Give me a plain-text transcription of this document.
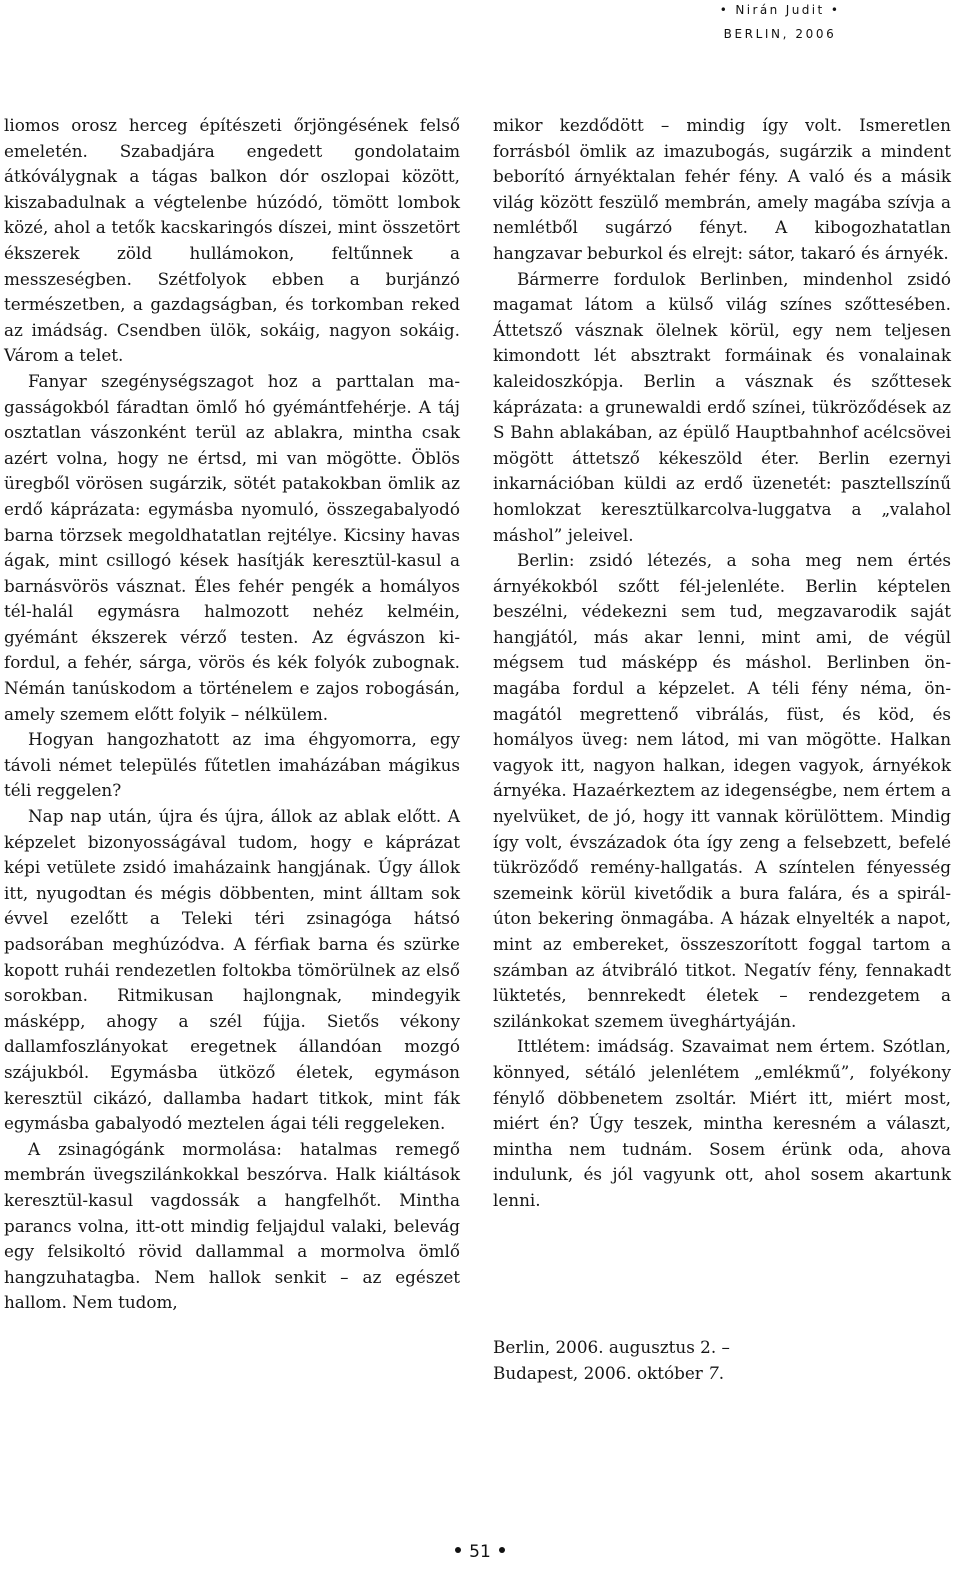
• Nirán Judit •
BERLIN, 2006

liomos orosz herceg építészeti őrjöngésének felső emeletén. Szabadjára engedett gondolataim átkóválygnak a tágas balkon dór oszlopai között, kiszabadulnak a végtelenbe húzódó, tömött lombok közé, ahol a tetők kacskaringós díszei, mint összetört ékszerek zöld hullámokon, feltűnnek a messzeségben. Szétfolyok ebben a burjánzó természetben, a gazdagságban, és torkomban reked az imádság. Csendben ülök, sokáig, nagyon sokáig. Várom a telet.

Fanyar szegénységszagot hoz a parttalan magasságokból fáradtan ömlő hó gyémántfehérje. A táj osztatlan vászonként terül az ablakra, mintha csak azért volna, hogy ne értsd, mi van mögötte. Öblös üregből vörösen sugárzik, sötét patakokban ömlik az erdő káprázata: egymásba nyomuló, összegabalyodó barna törzsek megoldhatatlan rejtélye. Kicsiny havas ágak, mint csillogó kések hasítják keresztül-kasul a barnásvörös vásznat. Éles fehér pengék a homályos tél-halál egymásra halmozott nehéz kelméin, gyémánt ékszerek vérző testen. Az égvászon kifordul, a fehér, sárga, vörös és kék folyók zubognak. Némán tanúskodom a történelem e zajos robogásán, amely szemem előtt folyik – nélkülem.

Hogyan hangozhatott az ima éhgyomorra, egy távoli német település fűtetlen imaházában mágikus téli reggelen?

Nap nap után, újra és újra, állok az ablak előtt. A képzelet bizonyosságával tudom, hogy e káprázat képi vetülete zsidó imaházaink hangjának. Úgy állok itt, nyugodtan és mégis döbbenten, mint álltam sok évvel ezelőtt a Teleki téri zsinagóga hátsó padsorában meghúzódva. A férfiak barna és szürke kopott ruhái rendezetlen foltokba tömörülnek az első sorokban. Ritmikusan hajlongnak, mindegyik másképp, ahogy a szél fújja. Sietős vékony dallamfoszlányokat eregetnek állandóan mozgó szájukból. Egymásba ütköző életek, egymáson keresztül cikázó, dallamba hadart titkok, mint fák egymásba gabalyodó meztelen ágai téli reggeleken.

A zsinagógánk mormolása: hatalmas remegő membrán üvegszilánkokkal beszórva. Halk kiáltások keresztül-kasul vagdossák a hangfelhőt. Mintha parancs volna, itt-ott mindig feljajdul valaki, belevág egy felsikoltó rövid dallammal a mormolva ömlő hangzuhatagba. Nem hallok senkit – az egészet hallom. Nem tudom,

mikor kezdődött – mindig így volt. Ismeretlen forrásból ömlik az imazubogás, sugárzik a mindent beborító árnyéktalan fehér fény. A való és a másik világ között feszülő membrán, amely magába szívja a nemlétből sugárzó fényt. A kibogozhatatlan hangzavar beburkol és elrejt: sátor, takaró és árnyék.

Bármerre fordulok Berlinben, mindenhol zsidó magamat látom a külső világ színes szőttesében. Áttetsző vásznak ölelnek körül, egy nem teljesen kimondott lét absztrakt formáinak és vonalainak kaleidoszkópja. Berlin a vásznak és szőttesek káprázata: a grunewaldi erdő színei, tükröződések az S Bahn ablakában, az épülő Hauptbahnhof acélcsövei mögött áttetsző kékeszöld éter. Berlin ezernyi inkarnációban küldi az erdő üzenetét: pasztellszínű homlokzat keresztülkarcolva-luggatva a „valahol máshol” jeleivel.

Berlin: zsidó létezés, a soha meg nem értés árnyékokból szőtt fél-jelenléte. Berlin képtelen beszélni, védekezni sem tud, megzavarodik saját hangjától, más akar lenni, mint ami, de végül mégsem tud másképp és máshol. Berlinben önmagába fordul a képzelet. A téli fény néma, önmagától megrettenő vibrálás, füst, és köd, és homályos üveg: nem látod, mi van mögötte. Halkan vagyok itt, nagyon halkan, idegen vagyok, árnyékok árnyéka. Hazaérkeztem az idegenségbe, nem értem a nyelvüket, de jó, hogy itt vannak körülöttem. Mindig így volt, évszázadok óta így zeng a felsebzett, befelé tükröződő remény-hallgatás. A színtelen fényesség szemeink körül kivetődik a bura falára, és a spirálúton bekering önmagába. A házak elnyelték a napot, mint az embereket, összeszorított foggal tartom a számban az átvibráló titkot. Negatív fény, fennakadt lüktetés, bennrekedt életek – rendezgetem a szilánkokat szemem üveghártyáján.

Ittlétem: imádság. Szavaimat nem értem. Szótlan, könnyed, sétáló jelenlétem „emlékmű”, folyékony fénylő döbbenetem zsoltár. Miért itt, miért most, miért én? Úgy teszek, mintha keresném a választ, mintha nem tudnám. Sosem érünk oda, ahova indulunk, és jól vagyunk ott, ahol sosem akartunk lenni.

Berlin, 2006. augusztus 2. –
Budapest, 2006. október 7.
51
